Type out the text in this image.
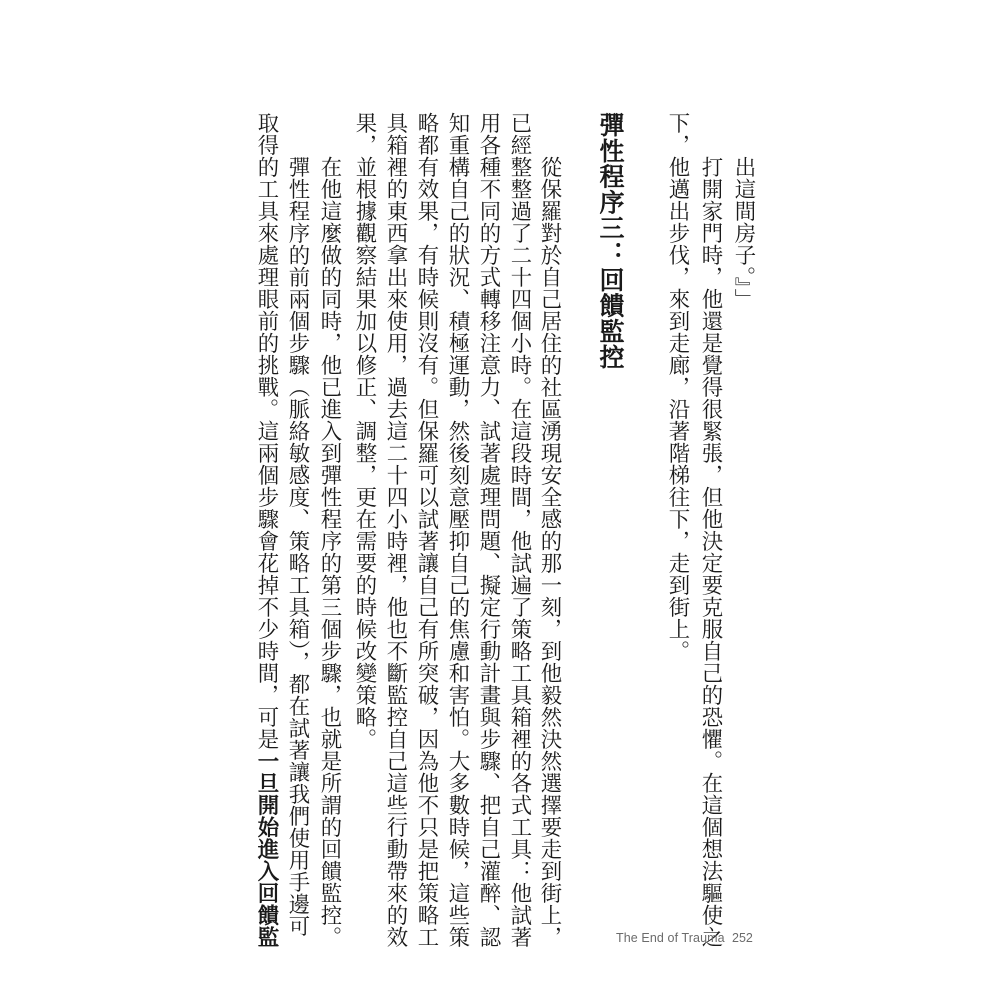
出這間房子。』」

打開家門時，他還是覺得很緊張，但他決定要克服自己的恐懼。在這個想法驅使之

下，他邁出步伐，來到走廊，沿著階梯往下，走到街上。

彈性程序三：回饋監控

從保羅對於自己居住的社區湧現安全感的那一刻，到他毅然決然選擇要走到街上，

已經整整過了二十四個小時。在這段時間，他試遍了策略工具箱裡的各式工具：他試著

用各種不同的方式轉移注意力、試著處理問題、擬定行動計畫與步驟、把自己灌醉、認

知重構自己的狀況、積極運動，然後刻意壓抑自己的焦慮和害怕。大多數時候，這些策

略都有效果，有時候則沒有。但保羅可以試著讓自己有所突破，因為他不只是把策略工

具箱裡的東西拿出來使用，過去這二十四小時裡，他也不斷監控自己這些行動帶來的效

果，並根據觀察結果加以修正、調整，更在需要的時候改變策略。

在他這麼做的同時，他已進入到彈性程序的第三個步驟，也就是所謂的回饋監控。

彈性程序的前兩個步驟（脈絡敏感度、策略工具箱），都在試著讓我們使用手邊可

取得的工具來處理眼前的挑戰。這兩個步驟會花掉不少時間，可是一旦開始進入回饋監	The End of Trauma 252
